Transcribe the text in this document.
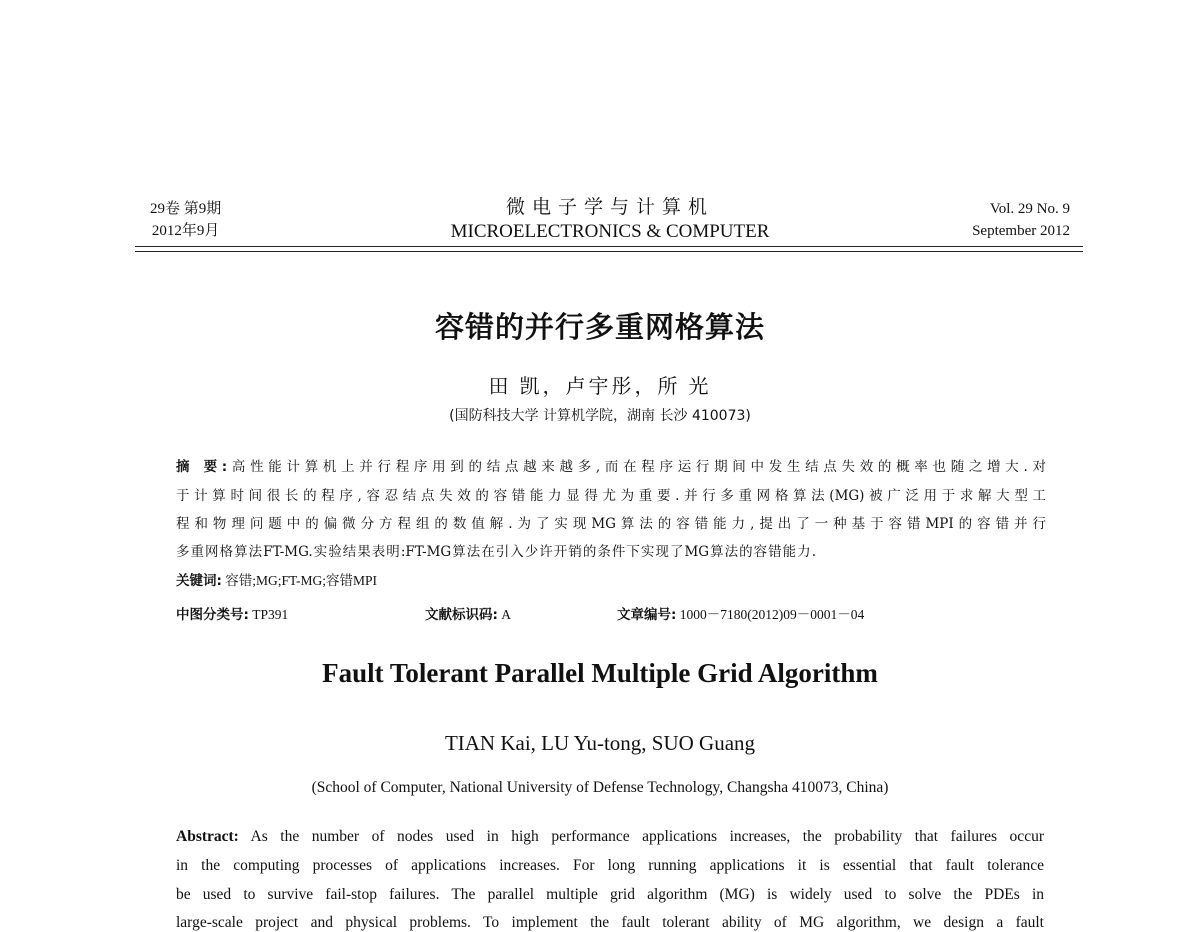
29卷 第9期
2012年9月
微电子学与计算机
MICROELECTRONICS & COMPUTER
Vol. 29 No. 9
September 2012
容错的并行多重网格算法
田 凯，卢宇彤，所 光
(国防科技大学 计算机学院，湖南 长沙 410073)
摘 要:高性能计算机上并行程序用到的结点越来越多,而在程序运行期间中发生结点失效的概率也随之增大.对
于计算时间很长的程序,容忍结点失效的容错能力显得尤为重要.并行多重网格算法(MG)被广泛用于求解大型工
程和物理问题中的偏微分方程组的数值解.为了实现MG算法的容错能力,提出了一种基于容错MPI的容错并行
多重网格算法FT-MG.实验结果表明:FT-MG算法在引入少许开销的条件下实现了MG算法的容错能力.
关键词: 容错;MG;FT-MG;容错MPI
中图分类号: TP391	文献标识码: A	文章编号: 1000－7180(2012)09－0001－04
Fault Tolerant Parallel Multiple Grid Algorithm
TIAN Kai, LU Yu-tong, SUO Guang
(School of Computer, National University of Defense Technology, Changsha 410073, China)
Abstract: As the number of nodes used in high performance applications increases, the probability that failures occur
in the computing processes of applications increases. For long running applications it is essential that fault tolerance
be used to survive fail-stop failures. The parallel multiple grid algorithm (MG) is widely used to solve the PDEs in
large-scale project and physical problems. To implement the fault tolerant ability of MG algorithm, we design a fault
